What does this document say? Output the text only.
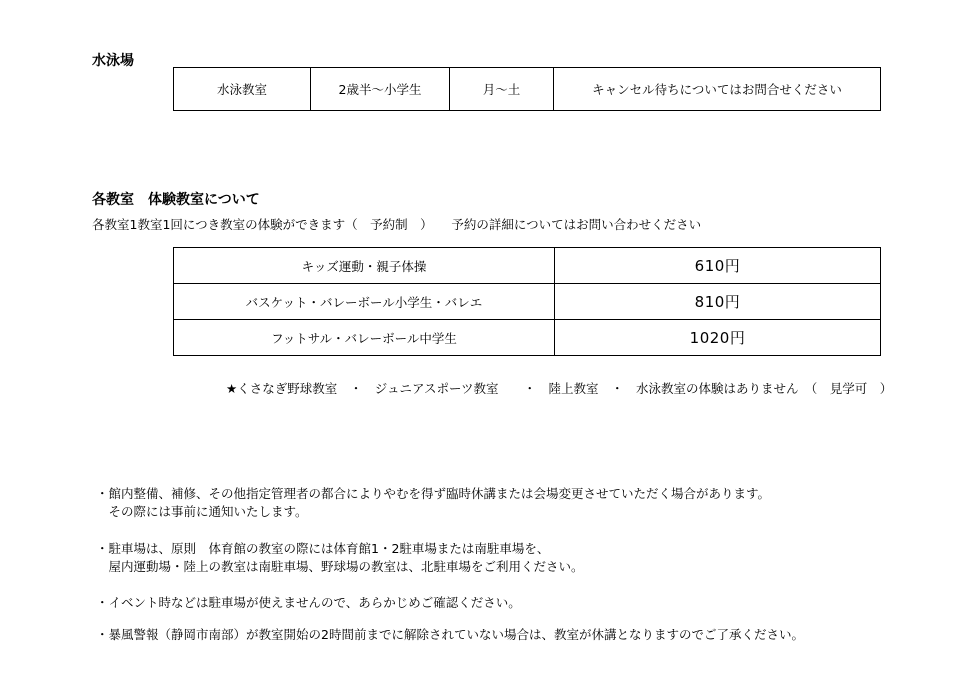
水泳場
水泳教室	2歳半～小学生	月～土	キャンセル待ちについてはお問合せください
各教室　体験教室について
各教室1教室1回につき教室の体験ができます（　予約制　）　　予約の詳細についてはお問い合わせください
キッズ運動・親子体操	610円
バスケット・バレーボール小学生・バレエ	810円
フットサル・バレーボール中学生	1020円
★くさなぎ野球教室　・　ジュニアスポーツ教室　　・　陸上教室　・　水泳教室の体験はありません　（　見学可　）
・館内整備、補修、その他指定管理者の都合によりやむを得ず臨時休講または会場変更させていただく場合があります。
　その際には事前に通知いたします。
・駐車場は、原則　体育館の教室の際には体育館1・2駐車場または南駐車場を、
　屋内運動場・陸上の教室は南駐車場、野球場の教室は、北駐車場をご利用ください。
・イベント時などは駐車場が使えませんので、あらかじめご確認ください。
・暴風警報（静岡市南部）が教室開始の2時間前までに解除されていない場合は、教室が休講となりますのでご了承ください。
